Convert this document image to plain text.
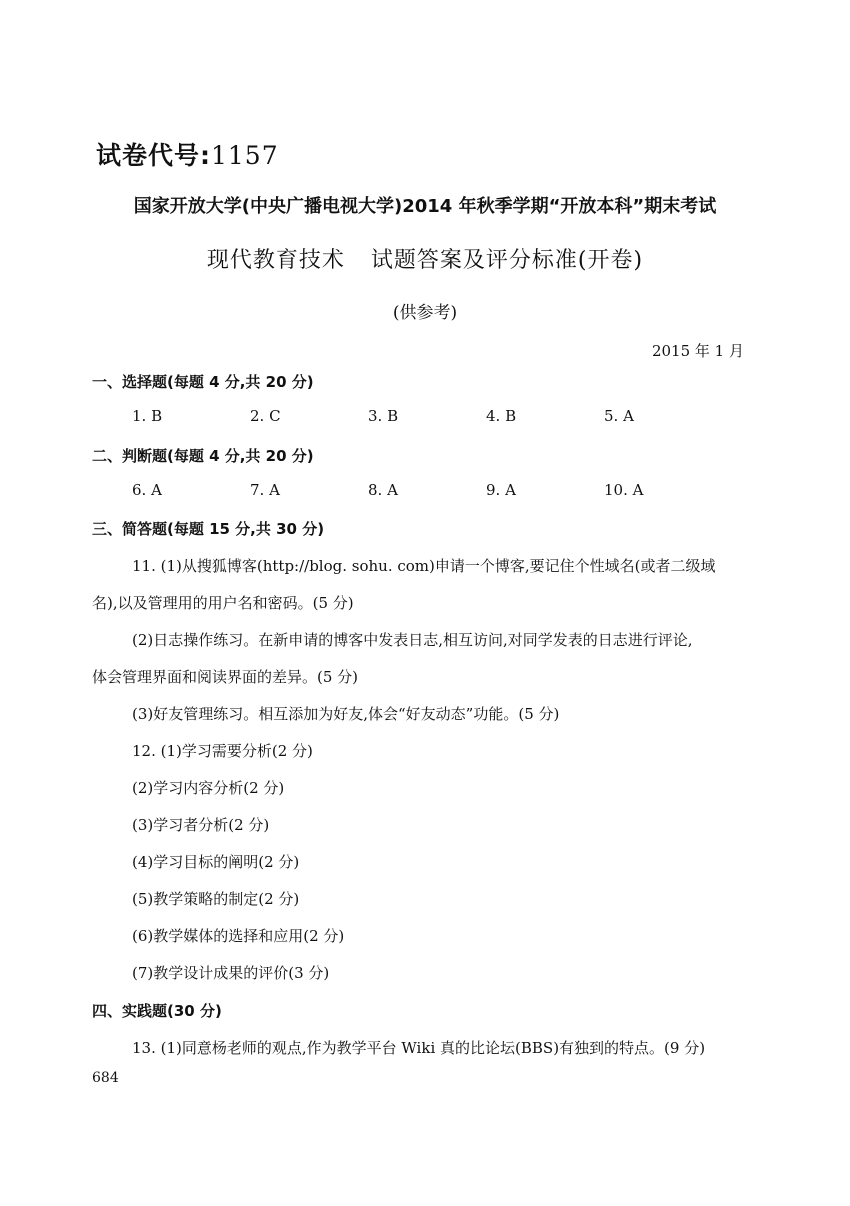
试卷代号:1157
国家开放大学(中央广播电视大学)2014 年秋季学期“开放本科”期末考试
现代教育技术 试题答案及评分标准(开卷)
(供参考)
2015 年 1 月
一、选择题(每题 4 分,共 20 分)
1. B	2. C	3. B	4. B	5. A
二、判断题(每题 4 分,共 20 分)
6. A	7. A	8. A	9. A	10. A
三、简答题(每题 15 分,共 30 分)
11. (1)从搜狐博客(http://blog. sohu. com)申请一个博客,要记住个性域名(或者二级域
名),以及管理用的用户名和密码。(5 分)
(2)日志操作练习。在新申请的博客中发表日志,相互访问,对同学发表的日志进行评论,
体会管理界面和阅读界面的差异。(5 分)
(3)好友管理练习。相互添加为好友,体会“好友动态”功能。(5 分)
12. (1)学习需要分析(2 分)
(2)学习内容分析(2 分)
(3)学习者分析(2 分)
(4)学习目标的阐明(2 分)
(5)教学策略的制定(2 分)
(6)教学媒体的选择和应用(2 分)
(7)教学设计成果的评价(3 分)
四、实践题(30 分)
13. (1)同意杨老师的观点,作为教学平台 Wiki 真的比论坛(BBS)有独到的特点。(9 分)
684
